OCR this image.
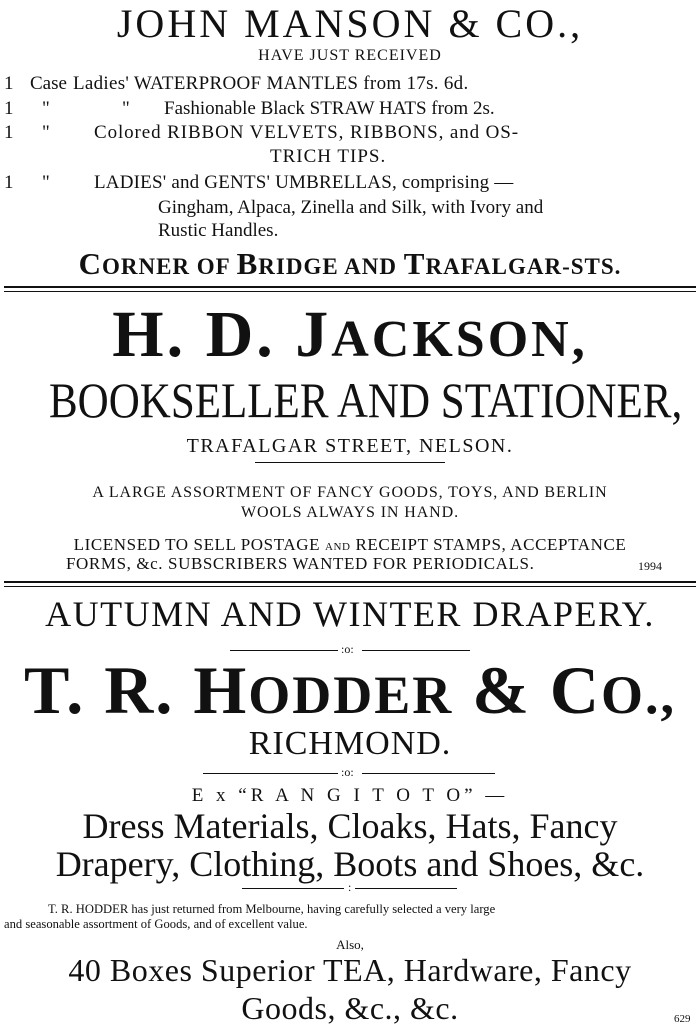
JOHN MANSON & CO.,
HAVE JUST RECEIVED
1 Case Ladies' WATERPROOF MANTLES from 17s. 6d.
1	"	"	Fashionable Black STRAW HATS from 2s.
1	"	Colored RIBBON VELVETS, RIBBONS, and OS-
TRICH TIPS.
1	"	LADIES' and GENTS' UMBRELLAS, comprising —
Gingham, Alpaca, Zinella and Silk, with Ivory and
Rustic Handles.
CORNER OF BRIDGE AND TRAFALGAR-STS.
H. D. JACKSON,
BOOKSELLER AND STATIONER,
TRAFALGAR STREET, NELSON.
A LARGE ASSORTMENT OF FANCY GOODS, TOYS, AND BERLIN
WOOLS ALWAYS IN HAND.
LICENSED TO SELL POSTAGE AND RECEIPT STAMPS, ACCEPTANCE
FORMS, &c. SUBSCRIBERS WANTED FOR PERIODICALS.	1994
AUTUMN AND WINTER DRAPERY.
:o:
T. R. HODDER & CO.,
RICHMOND.
:o:
E x “R A N G I T O T O” —
Dress Materials, Cloaks, Hats, Fancy
Drapery, Clothing, Boots and Shoes, &c.
:
T. R. HODDER has just returned from Melbourne, having carefully selected a very large
and seasonable assortment of Goods, and of excellent value.
Also,
40 Boxes Superior TEA, Hardware, Fancy
Goods, &c., &c.	629
